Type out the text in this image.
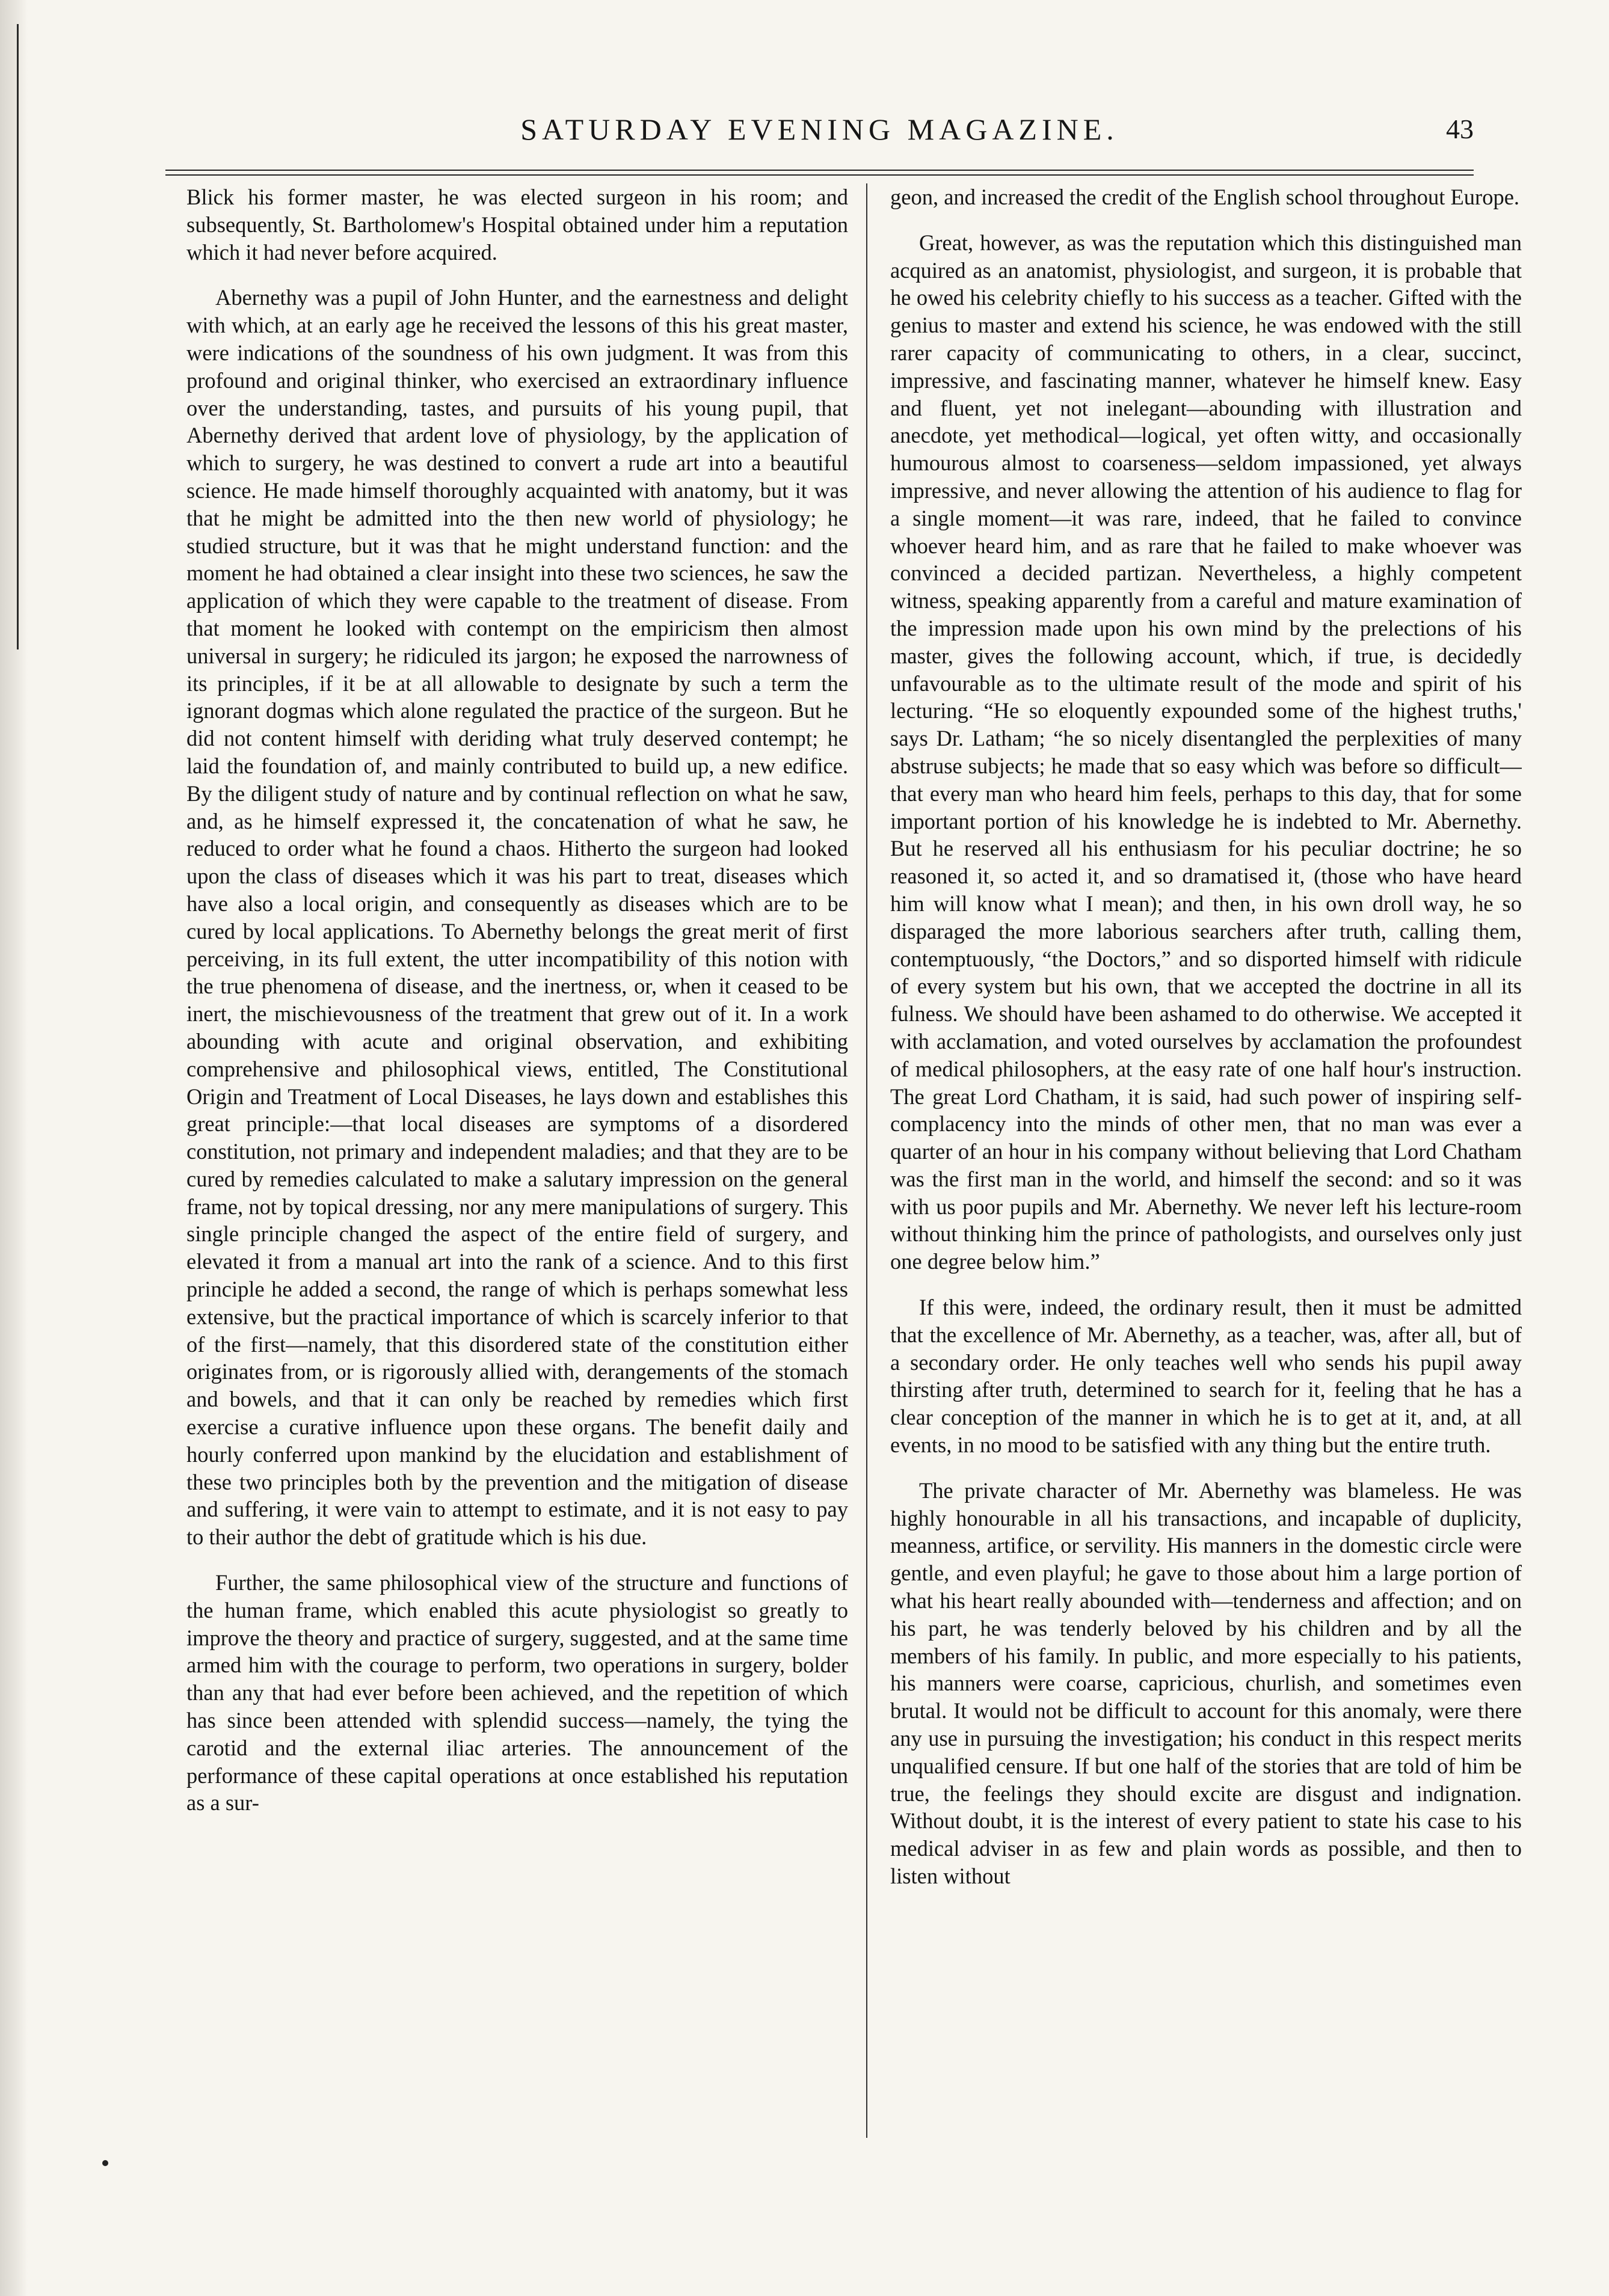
SATURDAY EVENING MAGAZINE.	43

Blick his former master, he was elected surgeon in his room; and subsequently, St. Bartholomew's Hospital obtained under him a reputation which it had never before acquired.

Abernethy was a pupil of John Hunter, and the earnestness and delight with which, at an early age he received the lessons of this his great master, were indications of the soundness of his own judgment. It was from this profound and original thinker, who exercised an extraordinary influence over the understanding, tastes, and pursuits of his young pupil, that Abernethy derived that ardent love of physiology, by the application of which to surgery, he was destined to convert a rude art into a beautiful science. He made himself thoroughly acquainted with anatomy, but it was that he might be admitted into the then new world of physiology; he studied structure, but it was that he might understand function: and the moment he had obtained a clear insight into these two sciences, he saw the application of which they were capable to the treatment of disease. From that moment he looked with contempt on the empiricism then almost universal in surgery; he ridiculed its jargon; he exposed the narrowness of its principles, if it be at all allowable to designate by such a term the ignorant dogmas which alone regulated the practice of the surgeon. But he did not content himself with deriding what truly deserved contempt; he laid the foundation of, and mainly contributed to build up, a new edifice. By the diligent study of nature and by continual reflection on what he saw, and, as he himself expressed it, the concatenation of what he saw, he reduced to order what he found a chaos. Hitherto the surgeon had looked upon the class of diseases which it was his part to treat, diseases which have also a local origin, and consequently as diseases which are to be cured by local applications. To Abernethy belongs the great merit of first perceiving, in its full extent, the utter incompatibility of this notion with the true phenomena of disease, and the inertness, or, when it ceased to be inert, the mischievousness of the treatment that grew out of it. In a work abounding with acute and original observation, and exhibiting comprehensive and philosophical views, entitled, The Constitutional Origin and Treatment of Local Diseases, he lays down and establishes this great principle:—that local diseases are symptoms of a disordered constitution, not primary and independent maladies; and that they are to be cured by remedies calculated to make a salutary impression on the general frame, not by topical dressing, nor any mere manipulations of surgery. This single principle changed the aspect of the entire field of surgery, and elevated it from a manual art into the rank of a science. And to this first principle he added a second, the range of which is perhaps somewhat less extensive, but the practical importance of which is scarcely inferior to that of the first—namely, that this disordered state of the constitution either originates from, or is rigorously allied with, derangements of the stomach and bowels, and that it can only be reached by remedies which first exercise a curative influence upon these organs. The benefit daily and hourly conferred upon mankind by the elucidation and establishment of these two principles both by the prevention and the mitigation of disease and suffering, it were vain to attempt to estimate, and it is not easy to pay to their author the debt of gratitude which is his due.

Further, the same philosophical view of the structure and functions of the human frame, which enabled this acute physiologist so greatly to improve the theory and practice of surgery, suggested, and at the same time armed him with the courage to perform, two operations in surgery, bolder than any that had ever before been achieved, and the repetition of which has since been attended with splendid success—namely, the tying the carotid and the external iliac arteries. The announcement of the performance of these capital operations at once established his reputation as a sur-

geon, and increased the credit of the English school throughout Europe.

Great, however, as was the reputation which this distinguished man acquired as an anatomist, physiologist, and surgeon, it is probable that he owed his celebrity chiefly to his success as a teacher. Gifted with the genius to master and extend his science, he was endowed with the still rarer capacity of communicating to others, in a clear, succinct, impressive, and fascinating manner, whatever he himself knew. Easy and fluent, yet not inelegant—abounding with illustration and anecdote, yet methodical—logical, yet often witty, and occasionally humourous almost to coarseness—seldom impassioned, yet always impressive, and never allowing the attention of his audience to flag for a single moment—it was rare, indeed, that he failed to convince whoever heard him, and as rare that he failed to make whoever was convinced a decided partizan. Nevertheless, a highly competent witness, speaking apparently from a careful and mature examination of the impression made upon his own mind by the prelections of his master, gives the following account, which, if true, is decidedly unfavourable as to the ultimate result of the mode and spirit of his lecturing. “He so eloquently expounded some of the highest truths,' says Dr. Latham; “he so nicely disentangled the perplexities of many abstruse subjects; he made that so easy which was before so difficult—that every man who heard him feels, perhaps to this day, that for some important portion of his knowledge he is indebted to Mr. Abernethy. But he reserved all his enthusiasm for his peculiar doctrine; he so reasoned it, so acted it, and so dramatised it, (those who have heard him will know what I mean); and then, in his own droll way, he so disparaged the more laborious searchers after truth, calling them, contemptuously, “the Doctors,” and so disported himself with ridicule of every system but his own, that we accepted the doctrine in all its fulness. We should have been ashamed to do otherwise. We accepted it with acclamation, and voted ourselves by acclamation the profoundest of medical philosophers, at the easy rate of one half hour's instruction. The great Lord Chatham, it is said, had such power of inspiring self-complacency into the minds of other men, that no man was ever a quarter of an hour in his company without believing that Lord Chatham was the first man in the world, and himself the second: and so it was with us poor pupils and Mr. Abernethy. We never left his lecture-room without thinking him the prince of pathologists, and ourselves only just one degree below him.”

If this were, indeed, the ordinary result, then it must be admitted that the excellence of Mr. Abernethy, as a teacher, was, after all, but of a secondary order. He only teaches well who sends his pupil away thirsting after truth, determined to search for it, feeling that he has a clear conception of the manner in which he is to get at it, and, at all events, in no mood to be satisfied with any thing but the entire truth.

The private character of Mr. Abernethy was blameless. He was highly honourable in all his transactions, and incapable of duplicity, meanness, artifice, or servility. His manners in the domestic circle were gentle, and even playful; he gave to those about him a large portion of what his heart really abounded with—tenderness and affection; and on his part, he was tenderly beloved by his children and by all the members of his family. In public, and more especially to his patients, his manners were coarse, capricious, churlish, and sometimes even brutal. It would not be difficult to account for this anomaly, were there any use in pursuing the investigation; his conduct in this respect merits unqualified censure. If but one half of the stories that are told of him be true, the feelings they should excite are disgust and indignation. Without doubt, it is the interest of every patient to state his case to his medical adviser in as few and plain words as possible, and then to listen without
